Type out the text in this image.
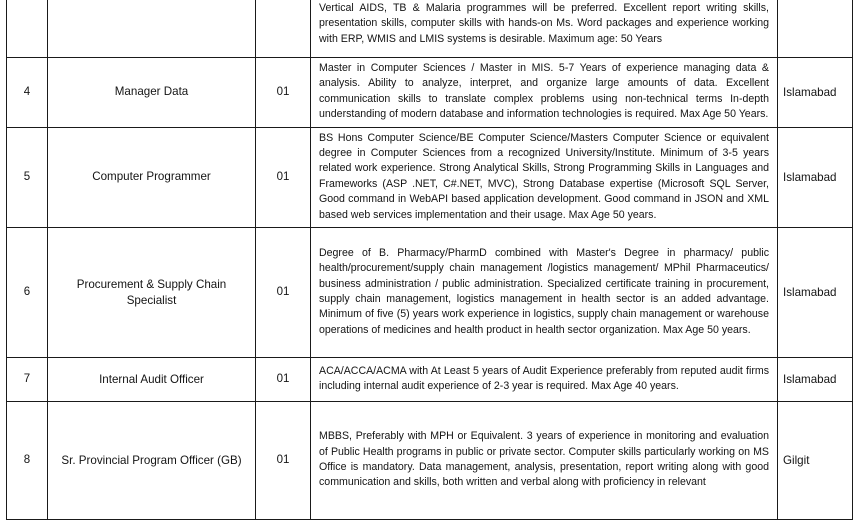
			Vertical AIDS, TB & Malaria programmes will be preferred. Excellent report writing skills, presentation skills, computer skills with hands-on Ms. Word packages and experience working with ERP, WMIS and LMIS systems is desirable. Maximum age: 50 Years	

4	Manager Data	01	Master in Computer Sciences / Master in MIS. 5-7 Years of experience managing data & analysis. Ability to analyze, interpret, and organize large amounts of data. Excellent communication skills to translate complex problems using non-technical terms In-depth understanding of modern database and information technologies is required. Max Age 50 Years.	Islamabad
5	Computer Programmer	01	BS Hons Computer Science/BE Computer Science/Masters Computer Science or equivalent degree in Computer Sciences from a recognized University/Institute. Minimum of 3-5 years related work experience. Strong Analytical Skills, Strong Programming Skills in Languages and Frameworks (ASP .NET, C#.NET, MVC), Strong Database expertise (Microsoft SQL Server, Good command in WebAPI based application development. Good command in JSON and XML based web services implementation and their usage. Max Age 50 years.	Islamabad
6	Procurement & Supply Chain Specialist	01	Degree of B. Pharmacy/PharmD combined with Master's Degree in pharmacy/ public health/procurement/supply chain management /logistics management/ MPhil Pharmaceutics/ business administration / public administration. Specialized certificate training in procurement, supply chain management, logistics management in health sector is an added advantage. Minimum of five (5) years work experience in logistics, supply chain management or warehouse operations of medicines and health product in health sector organization. Max Age 50 years.	Islamabad
7	Internal Audit Officer	01	ACA/ACCA/ACMA with At Least 5 years of Audit Experience preferably from reputed audit firms including internal audit experience of 2-3 year is required. Max Age 40 years.	Islamabad
8	Sr. Provincial Program Officer (GB)	01	MBBS, Preferably with MPH or Equivalent. 3 years of experience in monitoring and evaluation of Public Health programs in public or private sector. Computer skills particularly working on MS Office is mandatory. Data management, analysis, presentation, report writing along with good communication and skills, both written and verbal along with proficiency in relevant	Gilgit
